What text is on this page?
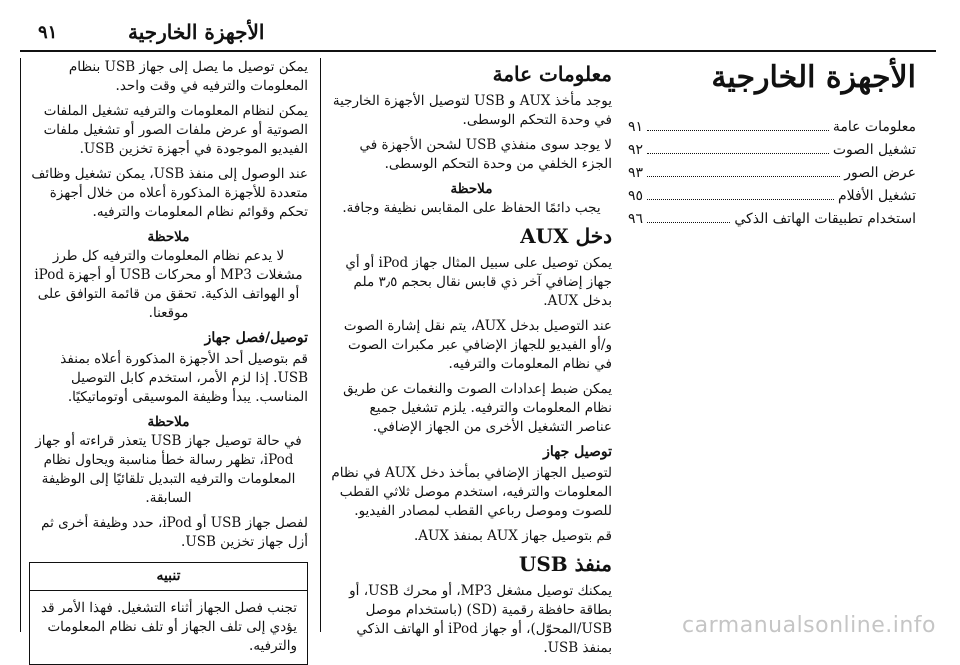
٩١	الأجهزة الخارجية
الأجهزة الخارجية
معلومات عامة
٩١
تشغيل الصوت
٩٢
عرض الصور
٩٣
تشغيل الأفلام
٩٥
استخدام تطبيقات الهاتف الذكي
٩٦
معلومات عامة

يوجد مأخذ AUX و USB لتوصيل الأجهزة الخارجية في وحدة التحكم الوسطى.

لا يوجد سوى منفذي USB لشحن الأجهزة في الجزء الخلفي من وحدة التحكم الوسطى.

ملاحظة
يجب دائمًا الحفاظ على المقابس نظيفة وجافة.
دخل AUX

يمكن توصيل على سبيل المثال جهاز iPod أو أي جهاز إضافي آخر ذي قابس نقال بحجم ٣٫٥ ملم بدخل AUX.

عند التوصيل بدخل AUX، يتم نقل إشارة الصوت و/أو الفيديو للجهاز الإضافي عبر مكبرات الصوت في نظام المعلومات والترفيه.

يمكن ضبط إعدادات الصوت والنغمات عن طريق نظام المعلومات والترفيه. يلزم تشغيل جميع عناصر التشغيل الأخرى من الجهاز الإضافي.

توصيل جهاز

لتوصيل الجهاز الإضافي بمأخذ دخل AUX في نظام المعلومات والترفيه، استخدم موصل ثلاثي القطب للصوت وموصل رباعي القطب لمصادر الفيديو.

قم بتوصيل جهاز AUX بمنفذ AUX.

منفذ USB

يمكنك توصيل مشغل MP3، أو محرك USB، أو بطاقة حافظة رقمية (SD) (باستخدام موصل USB/المحوّل)، أو جهاز iPod أو الهاتف الذكي بمنفذ USB.

يمكن توصيل ما يصل إلى جهاز USB بنظام المعلومات والترفيه في وقت واحد.

يمكن لنظام المعلومات والترفيه تشغيل الملفات الصوتية أو عرض ملفات الصور أو تشغيل ملفات الفيديو الموجودة في أجهزة تخزين USB.

عند الوصول إلى منفذ USB، يمكن تشغيل وظائف متعددة للأجهزة المذكورة أعلاه من خلال أجهزة تحكم وقوائم نظام المعلومات والترفيه.

ملاحظة
لا يدعم نظام المعلومات والترفيه كل طرز مشغلات MP3 أو محركات USB أو أجهزة iPod أو الهواتف الذكية. تحقق من قائمة التوافق على موقعنا.
توصيل/فصل جهاز

قم بتوصيل أحد الأجهزة المذكورة أعلاه بمنفذ USB. إذا لزم الأمر، استخدم كابل التوصيل المناسب. يبدأ وظيفة الموسيقى أوتوماتيكيًا.

ملاحظة
في حالة توصيل جهاز USB يتعذر قراءته أو جهاز iPod، تظهر رسالة خطأ مناسبة ويحاول نظام المعلومات والترفيه التبديل تلقائيًا إلى الوظيفة السابقة.

لفصل جهاز USB أو iPod، حدد وظيفة أخرى ثم أزل جهاز تخزين USB.

تنبيه
تجنب فصل الجهاز أثناء التشغيل. فهذا الأمر قد يؤدي إلى تلف الجهاز أو تلف نظام المعلومات والترفيه.
carmanualsonline.info
